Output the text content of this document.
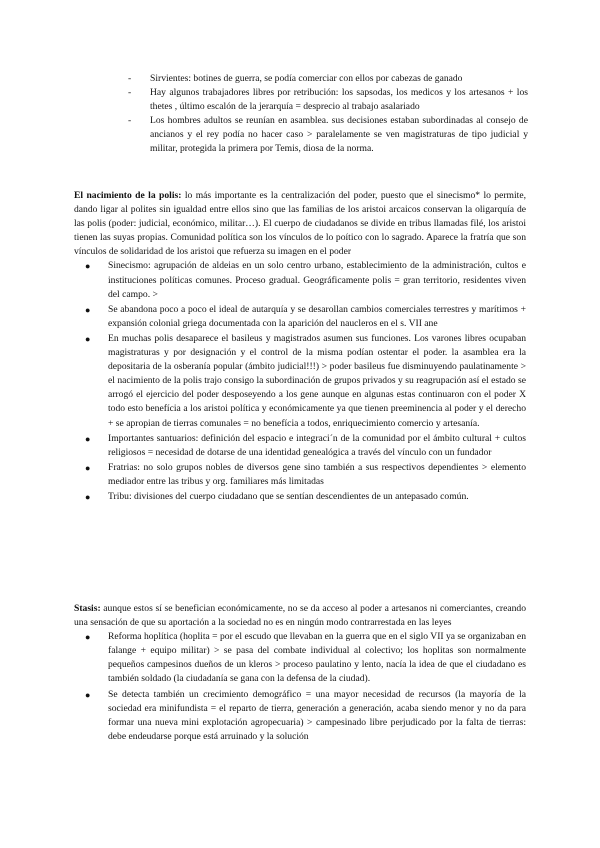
- Sirvientes: botines de guerra, se podía comerciar con ellos por cabezas de ganado

- Hay algunos trabajadores libres por retribución: los sapsodas, los medicos y los artesanos + los thetes , último escalón de la jerarquía = desprecio al trabajo asalariado

- Los hombres adultos se reunían en asamblea. sus decisiones estaban subordinadas al consejo de ancianos y el rey podía no hacer caso > paralelamente se ven magistraturas de tipo judicial y militar, protegida la primera por Temis, diosa de la norma.

El nacimiento de la polis: lo más importante es la centralización del poder, puesto que el sinecismo* lo permite, dando ligar al polites sin igualdad entre ellos sino que las familias de los aristoi arcaicos conservan la oligarquía de las polis (poder: judicial, económico, militar…). El cuerpo de ciudadanos se divide en tribus llamadas filé, los aristoi tienen las suyas propias. Comunidad política son los vínculos de lo poítico con lo sagrado. Aparece la fratría que son vínculos de solidaridad de los aristoi que refuerza su imagen en el poder

● Sinecismo: agrupación de aldeias en un solo centro urbano, establecimiento de la administración, cultos e instituciones políticas comunes. Proceso gradual. Geográficamente polis = gran territorio, residentes viven del campo. >

● Se abandona poco a poco el ideal de autarquía y se desarollan cambios comerciales terrestres y marítimos + expansión colonial griega documentada con la aparición del naucleros en el s. VII ane

● En muchas polis desaparece el basileus y magistrados asumen sus funciones. Los varones libres ocupaban magistraturas y por designación y el control de la misma podían ostentar el poder. la asamblea era la depositaria de la osberanía popular (ámbito judicial!!!) > poder basileus fue disminuyendo paulatinamente > el nacimiento de la polis trajo consigo la subordinación de grupos privados y su reagrupación así el estado se arrogó el ejercicio del poder desposeyendo a los gene aunque en algunas estas continuaron con el poder X todo esto benefícia a los aristoi política y económicamente ya que tienen preeminencia al poder y el derecho + se apropian de tierras comunales = no benefícia a todos, enriquecimiento comercio y artesanía.

● Importantes santuarios: definición del espacio e integraci´n de la comunidad por el ámbito cultural + cultos religiosos = necesidad de dotarse de una identidad genealógica a través del vínculo con un fundador

● Fratrias: no solo grupos nobles de diversos gene sino también a sus respectivos dependientes > elemento mediador entre las tribus y org. familiares más limitadas

● Tribu: divisiones del cuerpo ciudadano que se sentían descendientes de un antepasado común.

Stasis: aunque estos sí se benefician económicamente, no se da acceso al poder a artesanos ni comerciantes, creando una sensación de que su aportación a la sociedad no es en ningún modo contrarrestada en las leyes

● Reforma hoplítica (hoplita = por el escudo que llevaban en la guerra que en el siglo VII ya se organizaban en falange + equipo militar) > se pasa del combate individual al colectivo; los hoplitas son normalmente pequeños campesinos dueños de un kleros > proceso paulatino y lento, nacía la idea de que el ciudadano es también soldado (la ciudadanía se gana con la defensa de la ciudad).

● Se detecta también un crecimiento demográfico = una mayor necesidad de recursos (la mayoría de la sociedad era minifundista = el reparto de tierra, generación a generación, acaba siendo menor y no da para formar una nueva mini explotación agropecuaria) > campesinado libre perjudicado por la falta de tierras: debe endeudarse porque está arruinado y la solución
